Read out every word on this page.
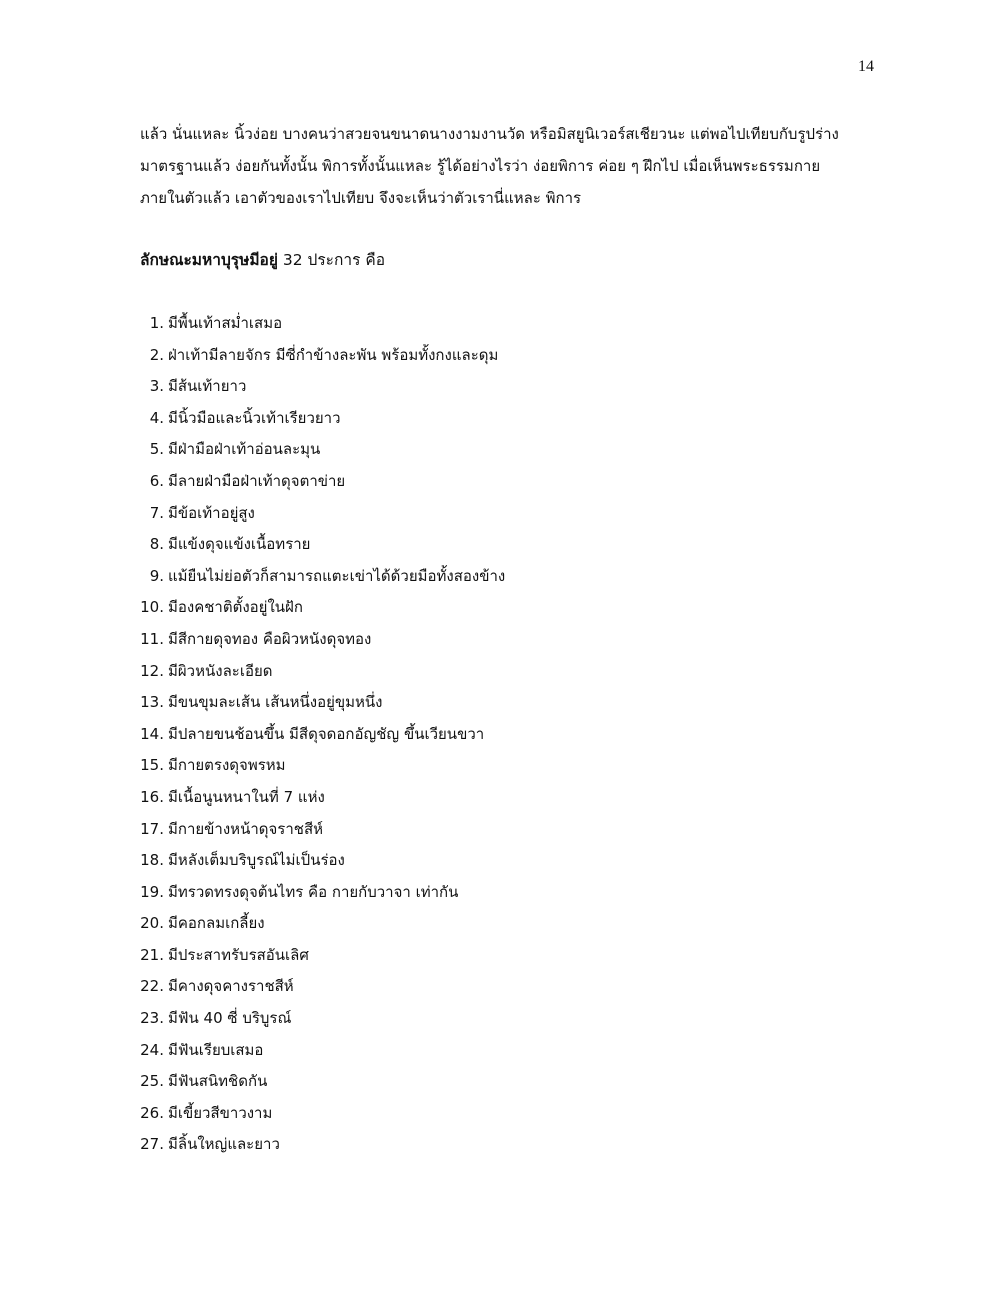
14
แล้ว นั่นแหละ นิ้วง่อย บางคนว่าสวยจนขนาดนางงามงานวัด หรือมิสยูนิเวอร์สเชียวนะ แต่พอไปเทียบกับรูปร่าง
มาตรฐานแล้ว ง่อยกันทั้งนั้น พิการทั้งนั้นแหละ รู้ได้อย่างไรว่า ง่อยพิการ ค่อย ๆ ฝึกไป เมื่อเห็นพระธรรมกาย
ภายในตัวแล้ว เอาตัวของเราไปเทียบ จึงจะเห็นว่าตัวเรานี่แหละ พิการ
ลักษณะมหาบุรุษมีอยู่ 32 ประการ คือ
1. มีพื้นเท้าสม่ำเสมอ
2. ฝ่าเท้ามีลายจักร มีซี่กำข้างละพัน พร้อมทั้งกงและดุม
3. มีส้นเท้ายาว
4. มีนิ้วมือและนิ้วเท้าเรียวยาว
5. มีฝ่ามือฝ่าเท้าอ่อนละมุน
6. มีลายฝ่ามือฝ่าเท้าดุจตาข่าย
7. มีข้อเท้าอยู่สูง
8. มีแข้งดุจแข้งเนื้อทราย
9. แม้ยืนไม่ย่อตัวก็สามารถแตะเข่าได้ด้วยมือทั้งสองข้าง
10. มีองคชาติตั้งอยู่ในฝัก
11. มีสีกายดุจทอง คือผิวหนังดุจทอง
12. มีผิวหนังละเอียด
13. มีขนขุมละเส้น เส้นหนึ่งอยู่ขุมหนึ่ง
14. มีปลายขนช้อนขึ้น มีสีดุจดอกอัญชัญ ขึ้นเวียนขวา
15. มีกายตรงดุจพรหม
16. มีเนื้อนูนหนาในที่ 7 แห่ง
17. มีกายข้างหน้าดุจราชสีห์
18. มีหลังเต็มบริบูรณ์ไม่เป็นร่อง
19. มีทรวดทรงดุจต้นไทร คือ กายกับวาจา เท่ากัน
20. มีคอกลมเกลี้ยง
21. มีประสาทรับรสอันเลิศ
22. มีคางดุจคางราชสีห์
23. มีฟัน 40 ซี่ บริบูรณ์
24. มีฟันเรียบเสมอ
25. มีฟันสนิทชิดกัน
26. มีเขี้ยวสีขาวงาม
27. มีลิ้นใหญ่และยาว
